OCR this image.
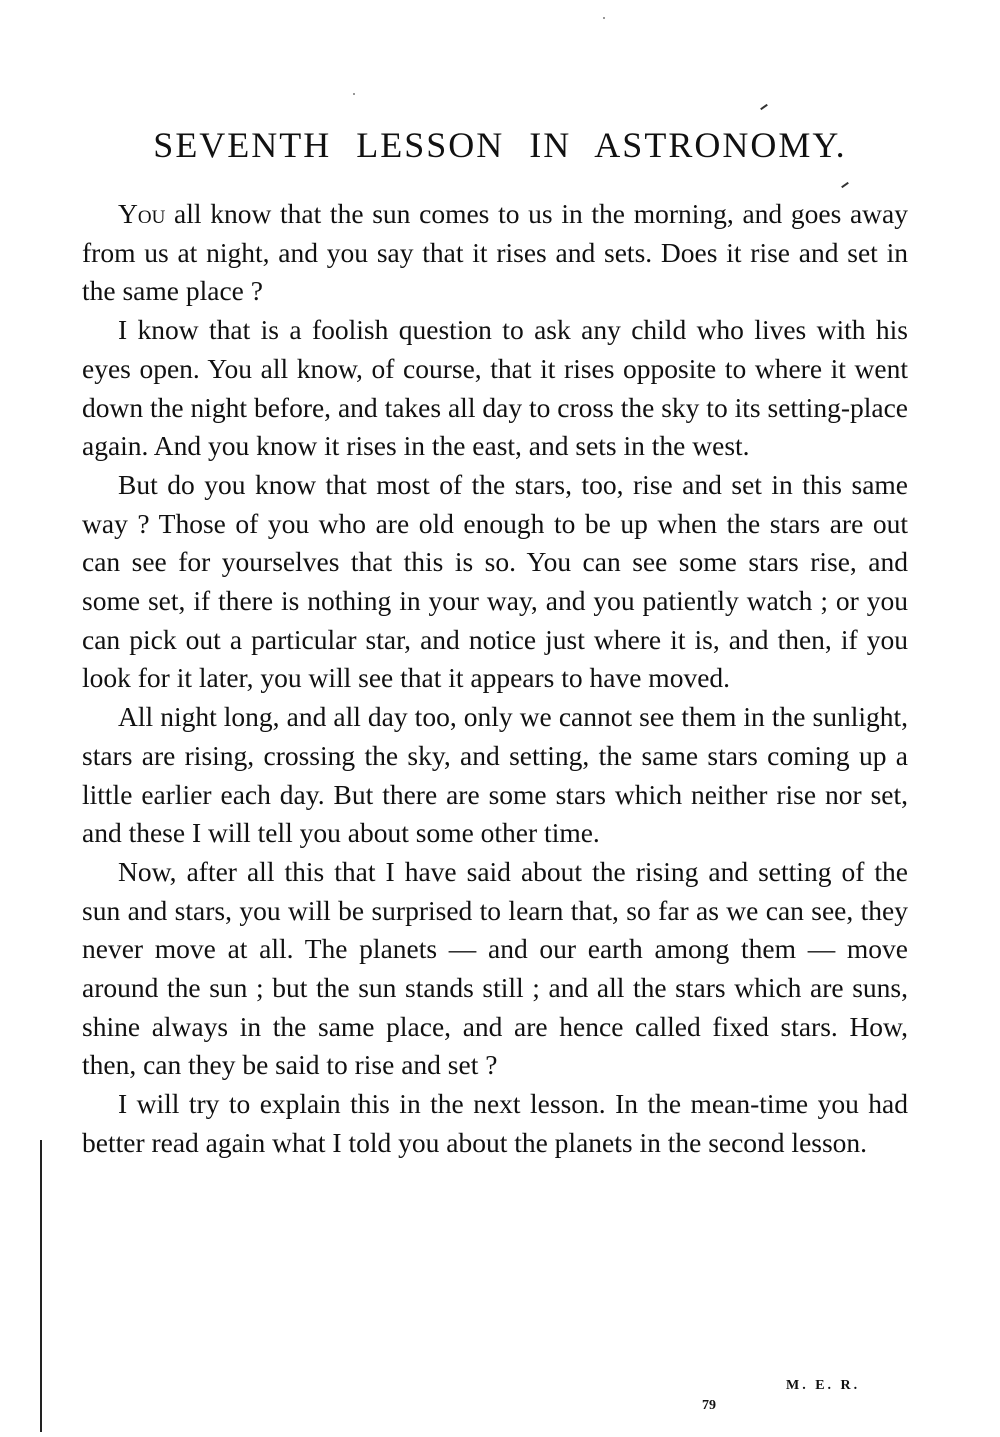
SEVENTH LESSON IN ASTRONOMY.

You all know that the sun comes to us in the morning, and goes away from us at night, and you say that it rises and sets. Does it rise and set in the same place ?

I know that is a foolish question to ask any child who lives with his eyes open. You all know, of course, that it rises opposite to where it went down the night before, and takes all day to cross the sky to its setting-place again. And you know it rises in the east, and sets in the west.

But do you know that most of the stars, too, rise and set in this same way ? Those of you who are old enough to be up when the stars are out can see for yourselves that this is so. You can see some stars rise, and some set, if there is nothing in your way, and you patiently watch ; or you can pick out a particular star, and notice just where it is, and then, if you look for it later, you will see that it appears to have moved.

All night long, and all day too, only we cannot see them in the sunlight, stars are rising, crossing the sky, and setting, the same stars coming up a little earlier each day. But there are some stars which neither rise nor set, and these I will tell you about some other time.

Now, after all this that I have said about the rising and setting of the sun and stars, you will be surprised to learn that, so far as we can see, they never move at all. The planets — and our earth among them — move around the sun ; but the sun stands still ; and all the stars which are suns, shine always in the same place, and are hence called fixed stars. How, then, can they be said to rise and set ?

I will try to explain this in the next lesson. In the mean-time you had better read again what I told you about the planets in the second lesson.

M. E. R.
79
